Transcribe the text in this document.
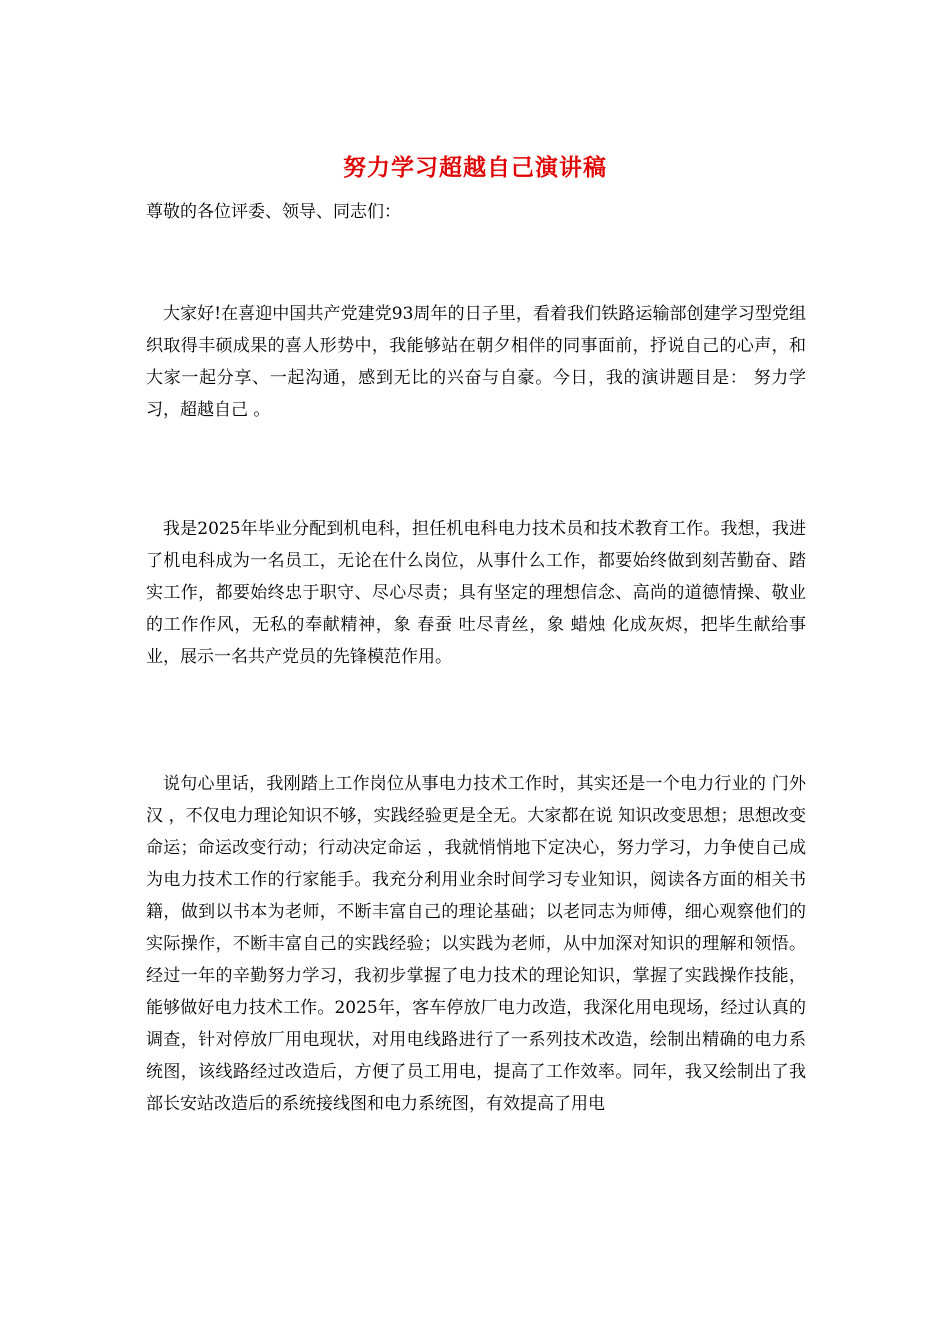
努力学习超越自己演讲稿
尊敬的各位评委、领导、同志们：

大家好!在喜迎中国共产党建党93周年的日子里，看着我们铁路运输部创建学习型党组织取得丰硕成果的喜人形势中，我能够站在朝夕相伴的同事面前，抒说自己的心声，和大家一起分享、一起沟通，感到无比的兴奋与自豪。今日，我的演讲题目是： 努力学习，超越自己 。

我是2025年毕业分配到机电科，担任机电科电力技术员和技术教育工作。我想，我进了机电科成为一名员工，无论在什么岗位，从事什么工作，都要始终做到刻苦勤奋、踏实工作，都要始终忠于职守、尽心尽责；具有坚定的理想信念、高尚的道德情操、敬业的工作作风，无私的奉献精神，象 春蚕 吐尽青丝，象 蜡烛 化成灰烬，把毕生献给事业，展示一名共产党员的先锋模范作用。

说句心里话，我刚踏上工作岗位从事电力技术工作时，其实还是一个电力行业的 门外汉 ，不仅电力理论知识不够，实践经验更是全无。大家都在说 知识改变思想；思想改变命运；命运改变行动；行动决定命运 ，我就悄悄地下定决心，努力学习，力争使自己成为电力技术工作的行家能手。我充分利用业余时间学习专业知识，阅读各方面的相关书籍，做到以书本为老师，不断丰富自己的理论基础；以老同志为师傅，细心观察他们的实际操作，不断丰富自己的实践经验；以实践为老师，从中加深对知识的理解和领悟。经过一年的辛勤努力学习，我初步掌握了电力技术的理论知识，掌握了实践操作技能，能够做好电力技术工作。2025年，客车停放厂电力改造，我深化用电现场，经过认真的调查，针对停放厂用电现状，对用电线路进行了一系列技术改造，绘制出精确的电力系统图，该线路经过改造后，方便了员工用电，提高了工作效率。同年，我又绘制出了我部长安站改造后的系统接线图和电力系统图，有效提高了用电
